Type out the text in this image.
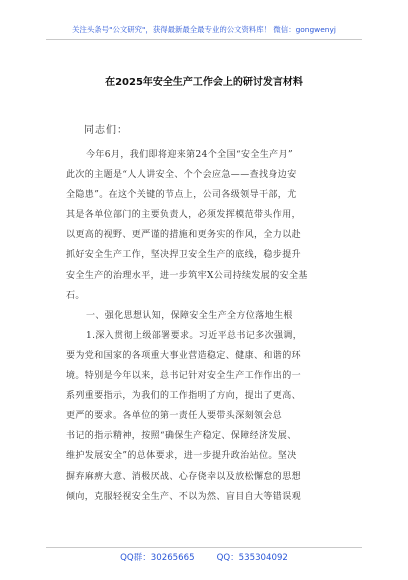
关注头条号"公文研究"，获得最新最全最专业的公文资料库！ 微信：gongwenyj
在2025年安全生产工作会上的研讨发言材料
同志们：
今年6月，我们即将迎来第24个全国“安全生产月”
此次的主题是“人人讲安全、个个会应急——查找身边安
全隐患”。在这个关键的节点上，公司各级领导干部，尤
其是各单位部门的主要负责人，必须发挥模范带头作用，
以更高的视野、更严谨的措施和更务实的作风，全力以赴
抓好安全生产工作，坚决捍卫安全生产的底线，稳步提升
安全生产的治理水平，进一步筑牢X公司持续发展的安全基
石。
一、强化思想认知，保障安全生产全方位落地生根
1.深入贯彻上级部署要求。习近平总书记多次强调，
要为党和国家的各项重大事业营造稳定、健康、和谐的环
境。特别是今年以来，总书记针对安全生产工作作出的一
系列重要指示，为我们的工作指明了方向，提出了更高、
更严的要求。各单位的第一责任人要带头深刻领会总
书记的指示精神，按照“确保生产稳定、保障经济发展、
维护发展安全”的总体要求，进一步提升政治站位。坚决
摒弃麻痹大意、消极厌战、心存侥幸以及放松懈怠的思想
倾向，克服轻视安全生产、不以为然、盲目自大等错误观
QQ群：30265665	QQ：535304092
